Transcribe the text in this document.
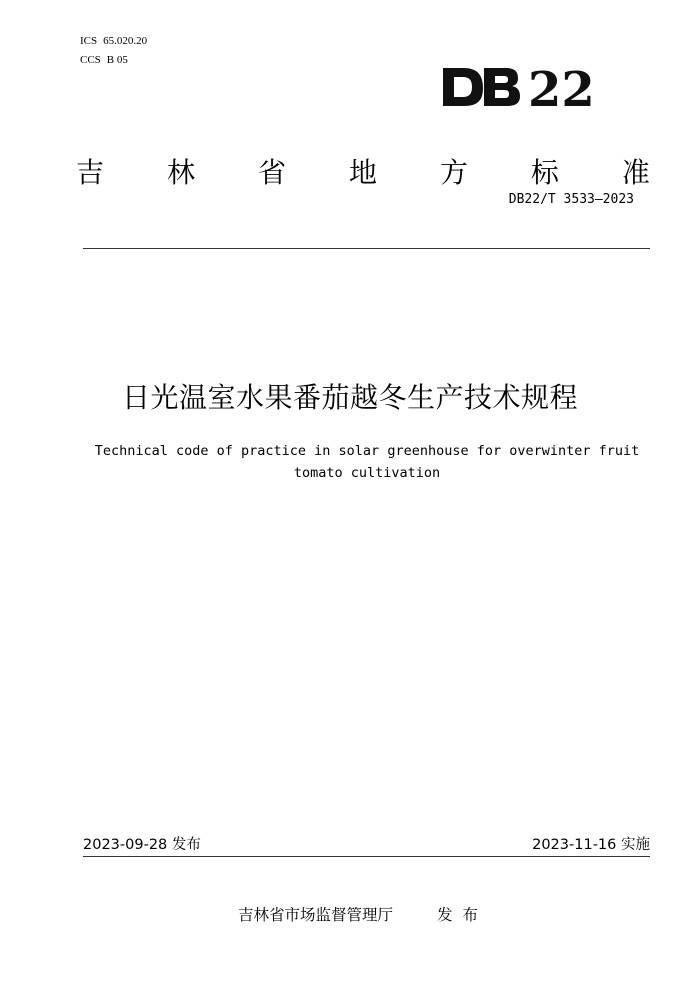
ICS 65.020.20
CCS B 05
22
吉 林 省 地 方 标 准
DB22/T 3533—2023
日光温室水果番茄越冬生产技术规程
Technical code of practice in solar greenhouse for overwinter fruit
tomato cultivation
2023-09-28 发布	2023-11-16 实施
吉林省市场监督管理厅	发布
